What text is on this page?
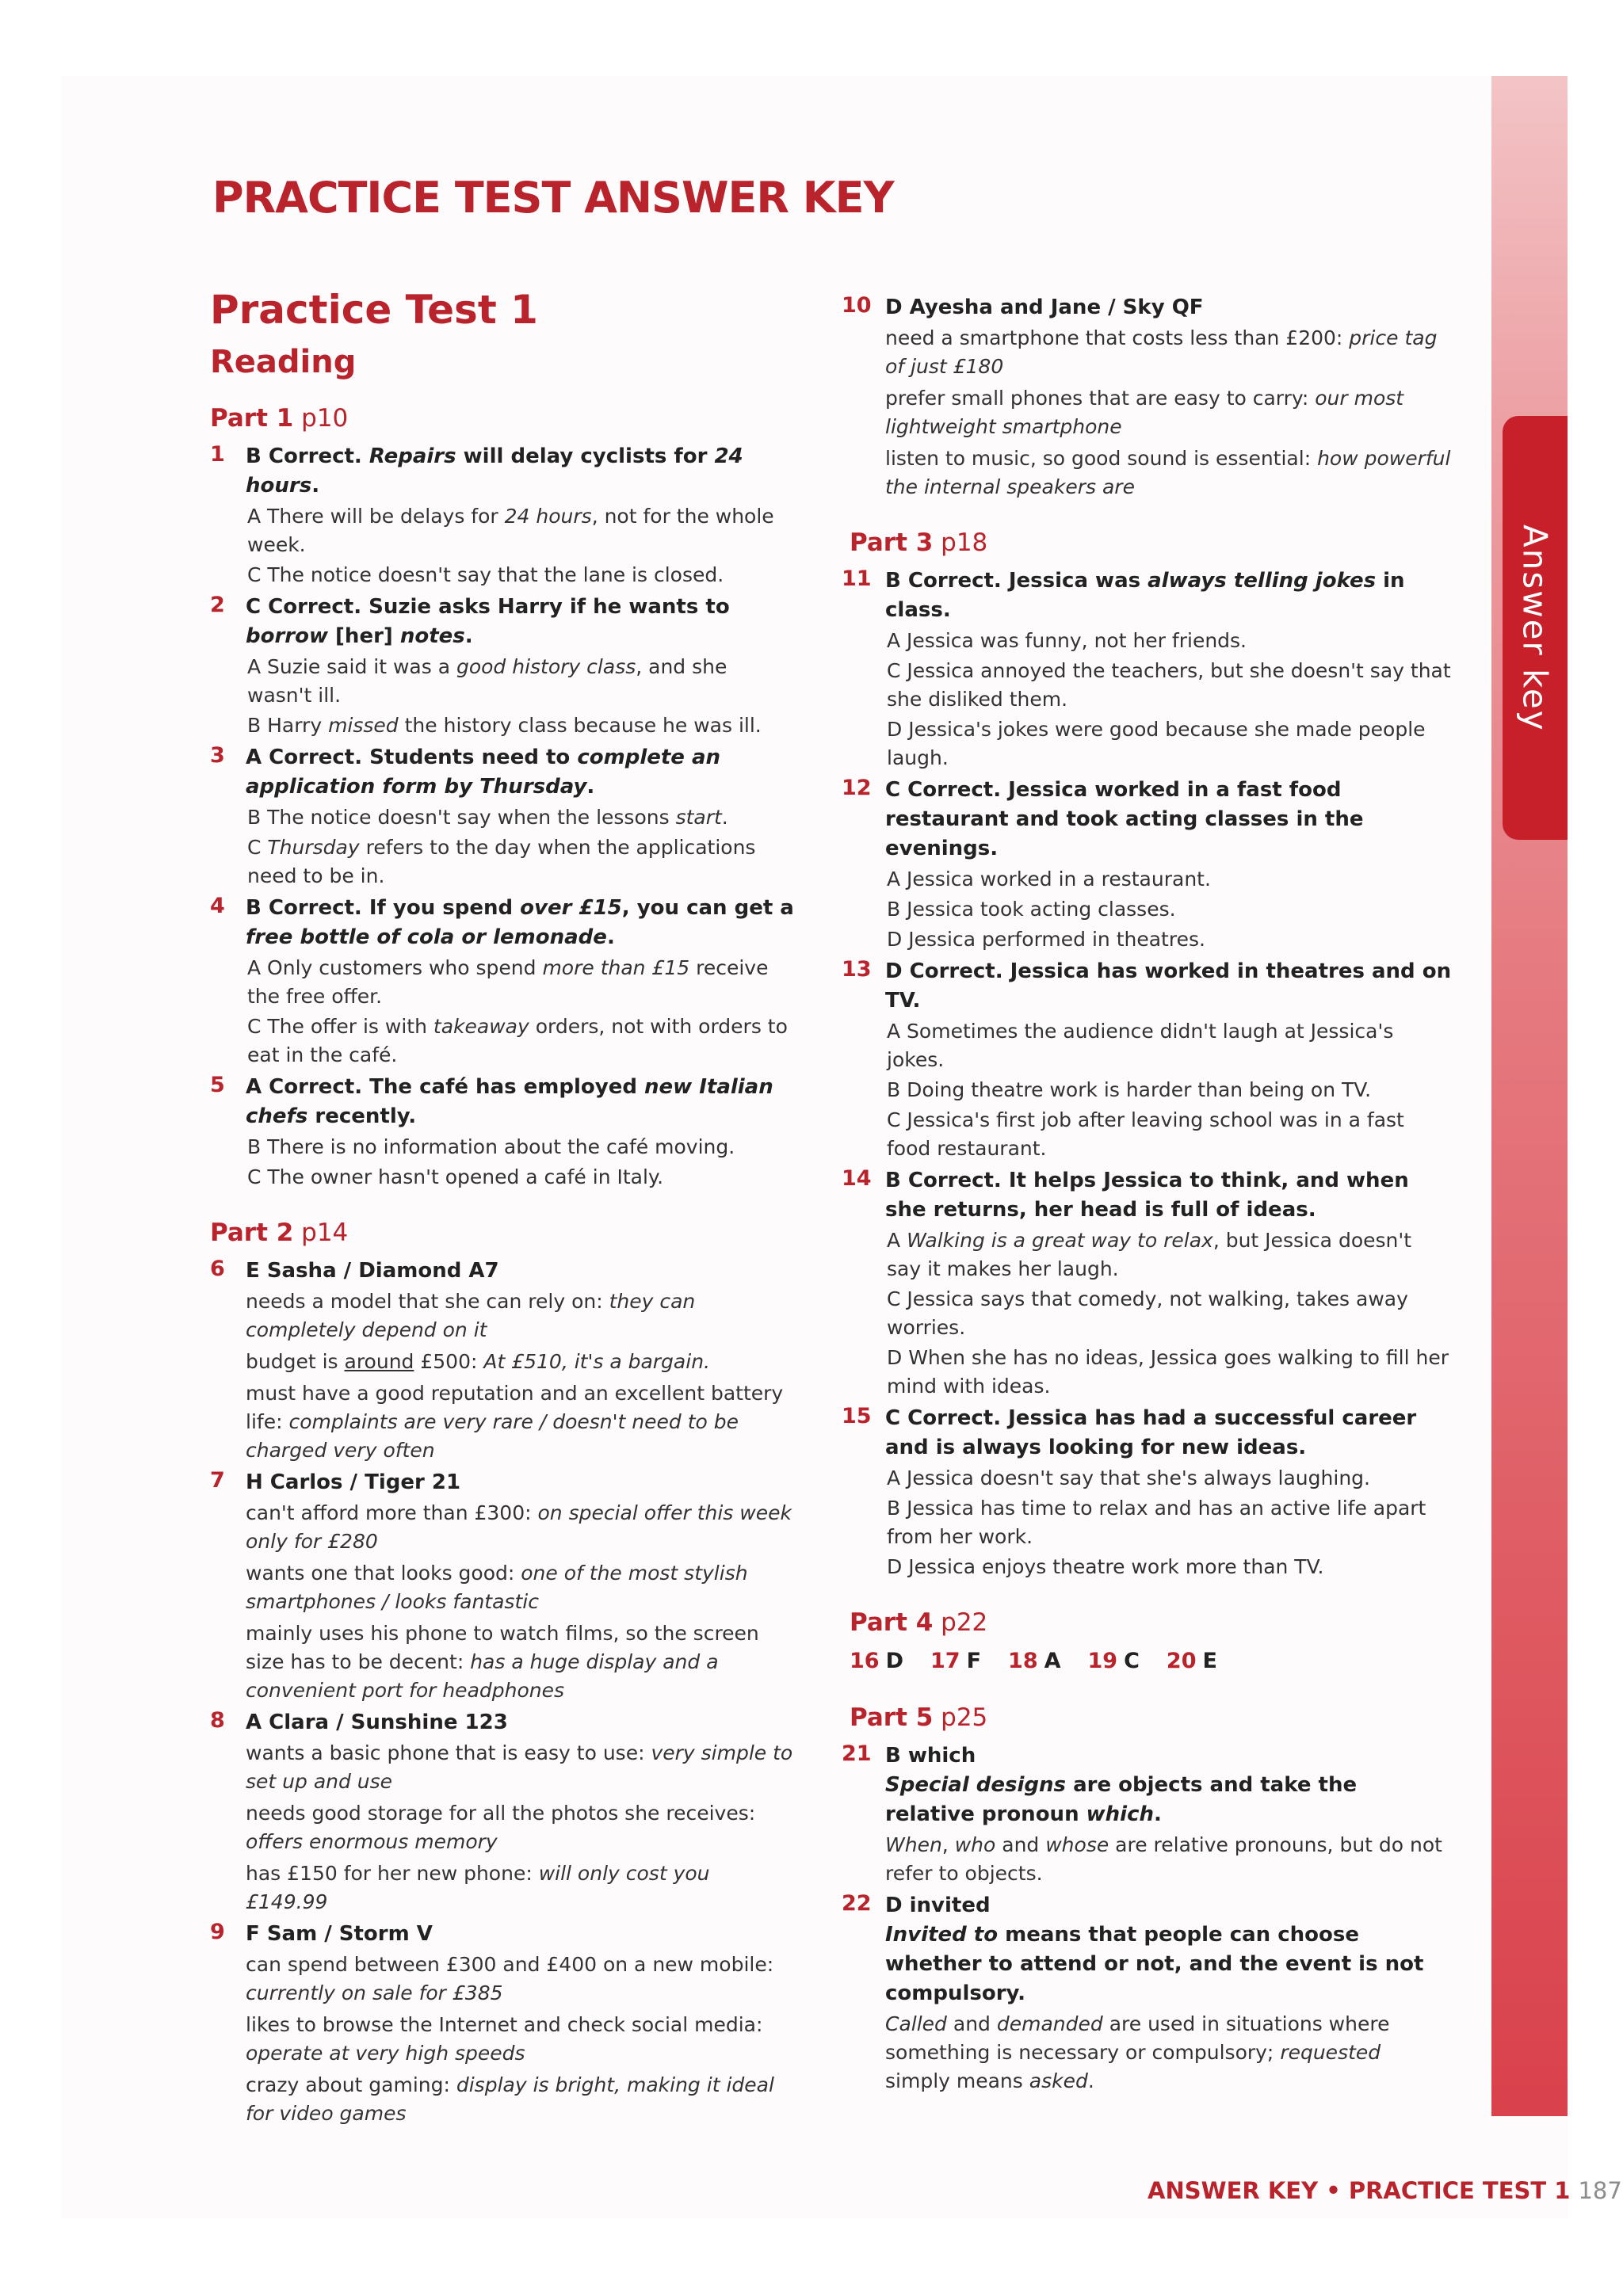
Answer key
PRACTICE TEST ANSWER KEY
Practice Test 1
Reading
Part 1 p10
1 B Correct. Repairs will delay cyclists for 24 hours.
A There will be delays for 24 hours, not for the whole week.
C The notice doesn't say that the lane is closed.
2 C Correct. Suzie asks Harry if he wants to borrow [her] notes.
A Suzie said it was a good history class, and she wasn't ill.
B Harry missed the history class because he was ill.
3 A Correct. Students need to complete an application form by Thursday.
B The notice doesn't say when the lessons start.
C Thursday refers to the day when the applications need to be in.
4 B Correct. If you spend over £15, you can get a free bottle of cola or lemonade.
A Only customers who spend more than £15 receive the free offer.
C The offer is with takeaway orders, not with orders to eat in the café.
5 A Correct. The café has employed new Italian chefs recently.
B There is no information about the café moving.
C The owner hasn't opened a café in Italy.
Part 2 p14
6 E Sasha / Diamond A7
needs a model that she can rely on: they can completely depend on it
budget is around £500: At £510, it's a bargain.
must have a good reputation and an excellent battery life: complaints are very rare / doesn't need to be charged very often
7 H Carlos / Tiger 21
can't afford more than £300: on special offer this week only for £280
wants one that looks good: one of the most stylish smartphones / looks fantastic
mainly uses his phone to watch films, so the screen size has to be decent: has a huge display and a convenient port for headphones
8 A Clara / Sunshine 123
wants a basic phone that is easy to use: very simple to set up and use
needs good storage for all the photos she receives: offers enormous memory
has £150 for her new phone: will only cost you £149.99
9 F Sam / Storm V
can spend between £300 and £400 on a new mobile: currently on sale for £385
likes to browse the Internet and check social media: operate at very high speeds
crazy about gaming: display is bright, making it ideal for video games
10 D Ayesha and Jane / Sky QF
need a smartphone that costs less than £200: price tag of just £180
prefer small phones that are easy to carry: our most lightweight smartphone
listen to music, so good sound is essential: how powerful the internal speakers are
Part 3 p18
11 B Correct. Jessica was always telling jokes in class.
A Jessica was funny, not her friends.
C Jessica annoyed the teachers, but she doesn't say that she disliked them.
D Jessica's jokes were good because she made people laugh.
12 C Correct. Jessica worked in a fast food restaurant and took acting classes in the evenings.
A Jessica worked in a restaurant.
B Jessica took acting classes.
D Jessica performed in theatres.
13 D Correct. Jessica has worked in theatres and on TV.
A Sometimes the audience didn't laugh at Jessica's jokes.
B Doing theatre work is harder than being on TV.
C Jessica's first job after leaving school was in a fast food restaurant.
14 B Correct. It helps Jessica to think, and when she returns, her head is full of ideas.
A Walking is a great way to relax, but Jessica doesn't say it makes her laugh.
C Jessica says that comedy, not walking, takes away worries.
D When she has no ideas, Jessica goes walking to fill her mind with ideas.
15 C Correct. Jessica has had a successful career and is always looking for new ideas.
A Jessica doesn't say that she's always laughing.
B Jessica has time to relax and has an active life apart from her work.
D Jessica enjoys theatre work more than TV.
Part 4 p22
16 D 17 F 18 A 19 C 20 E
Part 5 p25
21 B which
Special designs are objects and take the relative pronoun which.
When, who and whose are relative pronouns, but do not refer to objects.
22 D invited
Invited to means that people can choose whether to attend or not, and the event is not compulsory.
Called and demanded are used in situations where something is necessary or compulsory; requested simply means asked.
ANSWER KEY • PRACTICE TEST 1 187
